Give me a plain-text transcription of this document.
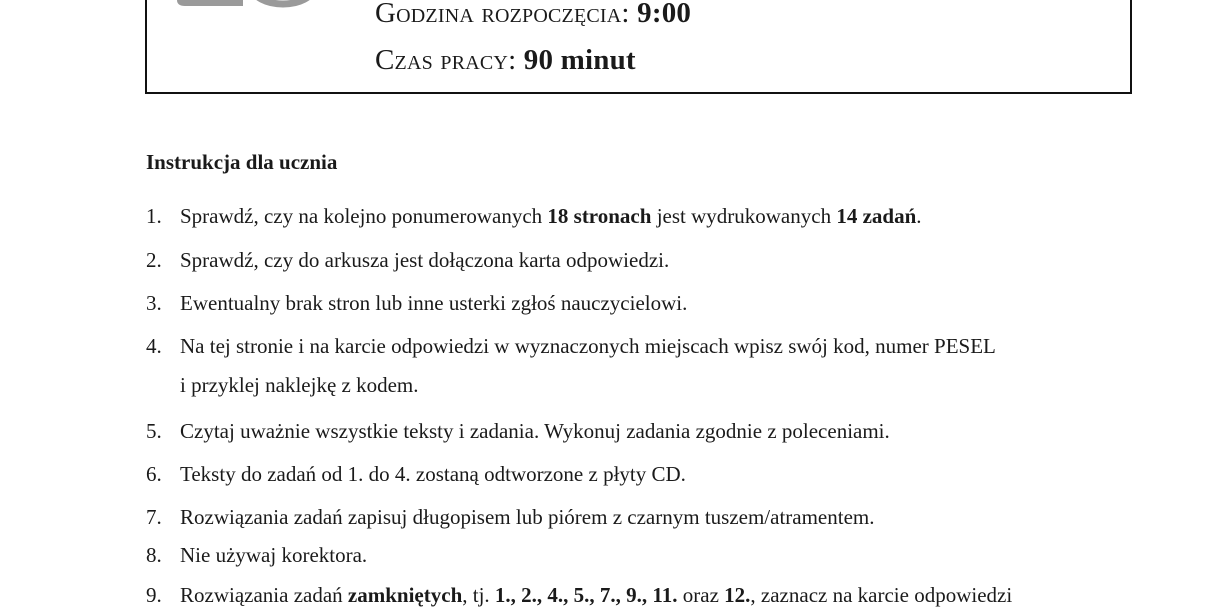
Godzina rozpoczęcia: 9:00
Czas pracy: 90 minut
Instrukcja dla ucznia
1. Sprawdź, czy na kolejno ponumerowanych 18 stronach jest wydrukowanych 14 zadań.
2. Sprawdź, czy do arkusza jest dołączona karta odpowiedzi.
3. Ewentualny brak stron lub inne usterki zgłoś nauczycielowi.
4. Na tej stronie i na karcie odpowiedzi w wyznaczonych miejscach wpisz swój kod, numer PESEL
i przyklej naklejkę z kodem.
5. Czytaj uważnie wszystkie teksty i zadania. Wykonuj zadania zgodnie z poleceniami.
6. Teksty do zadań od 1. do 4. zostaną odtworzone z płyty CD.
7. Rozwiązania zadań zapisuj długopisem lub piórem z czarnym tuszem/atramentem.
8. Nie używaj korektora.
9. Rozwiązania zadań zamkniętych, tj. 1., 2., 4., 5., 7., 9., 11. oraz 12., zaznacz na karcie odpowiedzi
